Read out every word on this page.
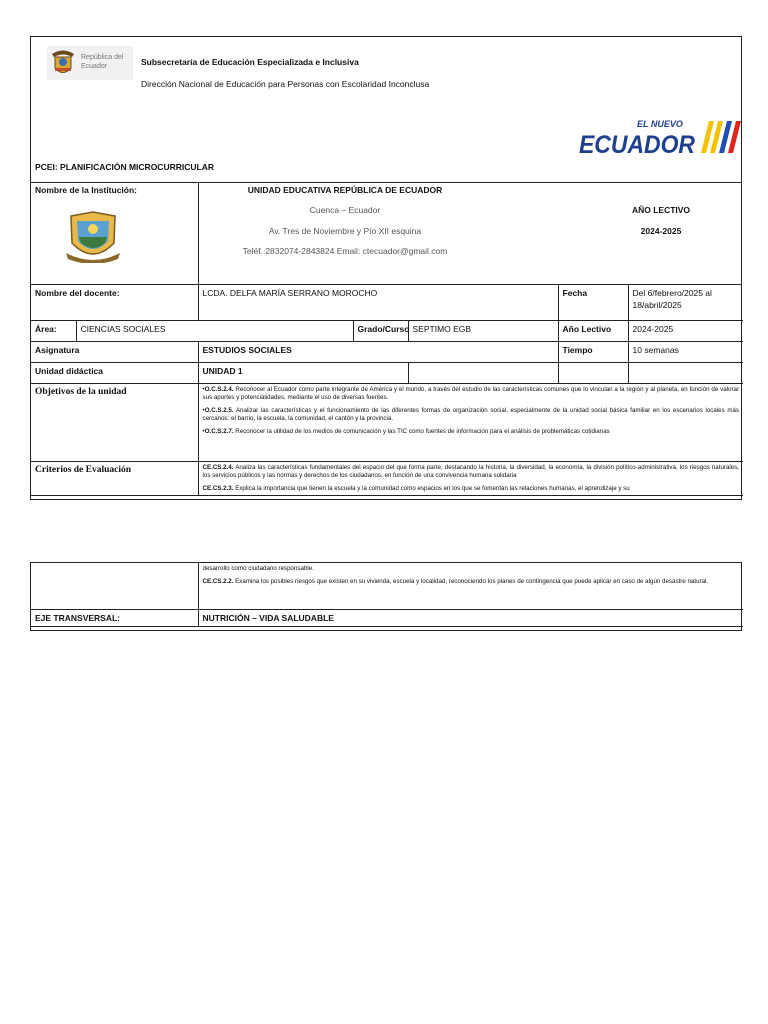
República del Ecuador	Subsecretaría de Educación Especializada e Inclusiva
Dirección Nacional de Educación para Personas con Escolaridad Inconclusa
EL NUEVO
ECUADOR
PCEI: PLANIFICACIÓN MICROCURRICULAR
Nombre de la Institución:	UNIDAD EDUCATIVA REPÚBLICA DE ECUADOR
Cuenca – Ecuador
Av. Tres de Noviembre y Pío XII esquina
Teléf. 2832074-2843824 Email: ctecuador@gmail.com
AÑO LECTIVO
2024-2025
Nombre del docente:		LCDA. DELFA MARÍA SERRANO MOROCHO			Fecha	Del 6/febrero/2025 al 18/abril/2025
Área:	CIENCIAS SOCIALES		Grado/Curso	SEPTIMO EGB	Año Lectivo	2024-2025
Asignatura		ESTUDIOS SOCIALES			Tiempo	10 semanas
Unidad didáctica		UNIDAD 1				
Objetivos de la unidad		•O.C.S.2.4. Reconocer al Ecuador como parte integrante de América y el mundo, a través del estudio de las características comunes que lo vinculan a la región y al planeta, en función de valorar sus aportes y potencialidades, mediante el uso de diversas fuentes.

•O.C.S.2.5. Analizar las características y el funcionamiento de las diferentes formas de organización social, especialmente de la unidad social básica familiar en los escenarios locales más cercanos: el barrio, la escuela, la comunidad, el cantón y la provincia.

•O.C.S.2.7. Reconocer la utilidad de los medios de comunicación y las TIC como fuentes de información para el análisis de problemáticas cotidianas				

Criterios de Evaluación		CE.CS.2.4. Analiza las características fundamentales del espacio del que forma parte, destacando la historia, la diversidad, la economía, la división político-administrativa, los riesgos naturales, los servicios públicos y las normas y derechos de los ciudadanos, en función de una convivencia humana solidaria

CE.CS.2.3. Explica la importancia que tienen la escuela y la comunidad como espacios en los que se fomentan las relaciones humanas, el aprendizaje y su				

	desarrollo como ciudadano responsable.

CE.CS.2.2. Examina los posibles riesgos que existen en su vivienda, escuela y localidad, reconociendo los planes de contingencia que puede aplicar en caso de algún desastre natural.

EJE TRANSVERSAL:	NUTRICIÓN – VIDA SALUDABLE
